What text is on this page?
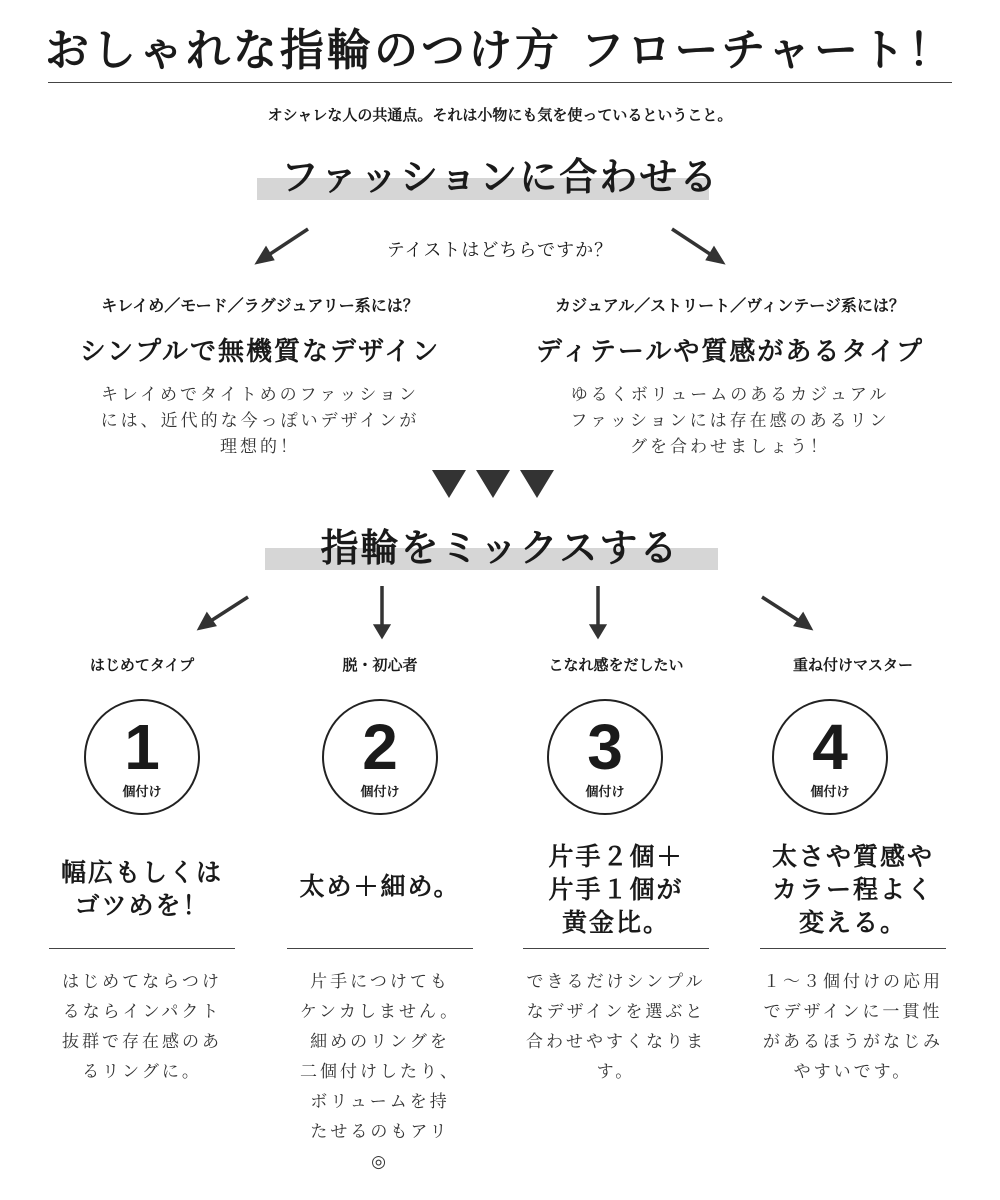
おしゃれな指輪のつけ方 フローチャート！
オシャレな人の共通点。それは小物にも気を使っているということ。
ファッションに合わせる
テイストはどちらですか？
キレイめ／モード／ラグジュアリー系には？
シンプルで無機質なデザイン
キレイめでタイトめのファッション
には、近代的な今っぽいデザインが
理想的！
カジュアル／ストリート／ヴィンテージ系には？
ディテールや質感があるタイプ
ゆるくボリュームのあるカジュアル
ファッションには存在感のあるリン
グを合わせましょう！
指輪をミックスする
はじめてタイプ
1
個付け
幅広もしくは
ゴツめを！
はじめてならつけ
るならインパクト
抜群で存在感のあ
るリングに。
脱・初心者
2
個付け
太め＋細め。
片手につけても
ケンカしません。
細めのリングを
二個付けしたり、
ボリュームを持
たせるのもアリ
◎
こなれ感をだしたい
3
個付け
片手２個＋
片手１個が
黄金比。
できるだけシンプル
なデザインを選ぶと
合わせやすくなりま
す。
重ね付けマスター
4
個付け
太さや質感や
カラー程よく
変える。
１～３個付けの応用
でデザインに一貫性
があるほうがなじみ
やすいです。
